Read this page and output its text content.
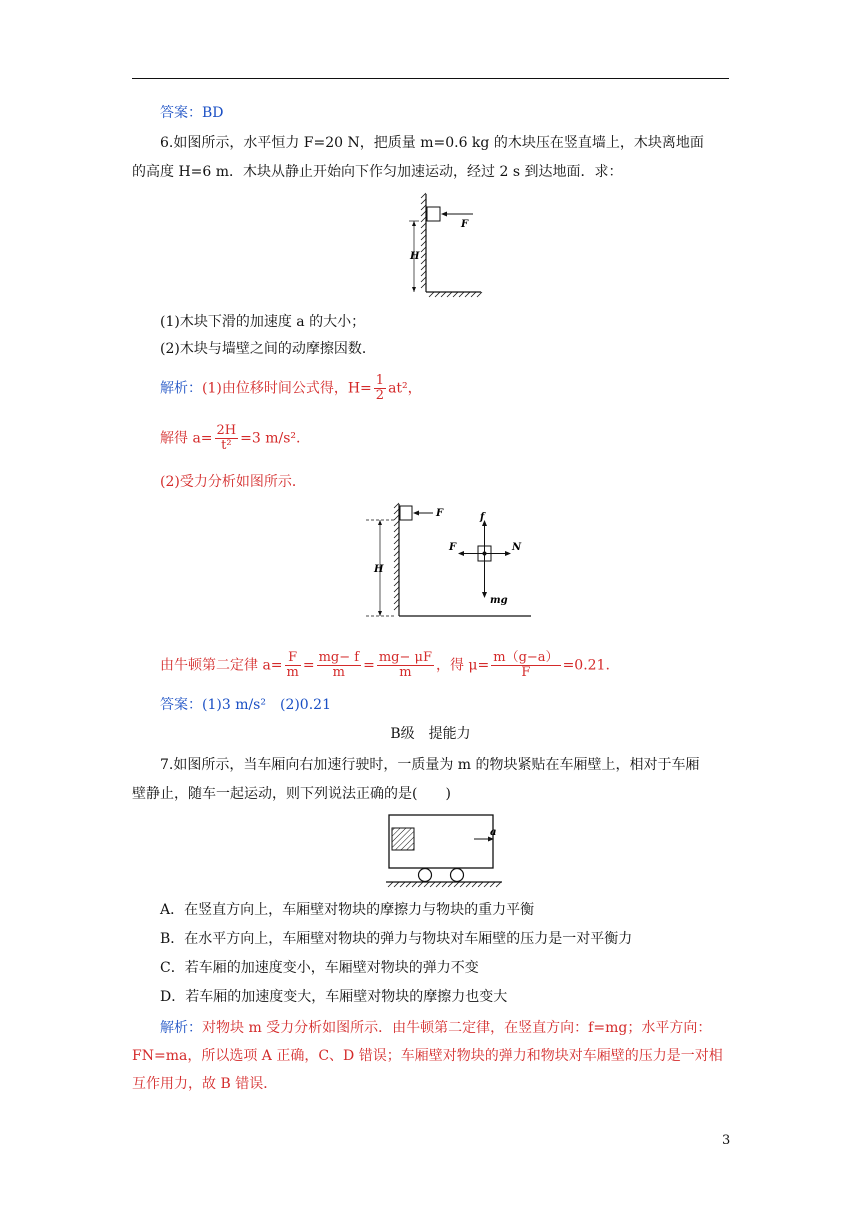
答案：BD
6.如图所示，水平恒力 F=20 N，把质量 m=0.6 kg 的木块压在竖直墙上，木块离地面
的高度 H=6 m．木块从静止开始向下作匀加速运动，经过 2 s 到达地面．求：
F
H
(1)木块下滑的加速度 a 的大小；
(2)木块与墙壁之间的动摩擦因数．
解析：(1)由位移时间公式得，$H= \frac{1}{2} at^2$，
解得 $a= \frac{2H}{\text{t²}} =3$ m/s².
(2)受力分析如图所示．
F
H
f
mg
F	N
由牛顿第二定律 $a= \frac{F}{m} = \frac{mg- f}{m} = \frac{mg- \mu F}{m}$ ，得 $\mu= \frac{m(g-a)}{F} =0.21$.
答案：(1)3 m/s²　(2)0.21
B级　提能力
7.如图所示，当车厢向右加速行驶时，一质量为 m 的物块紧贴在车厢壁上，相对于车厢
壁静止，随车一起运动，则下列说法正确的是(　　)
a
A．在竖直方向上，车厢壁对物块的摩擦力与物块的重力平衡
B．在水平方向上，车厢壁对物块的弹力与物块对车厢壁的压力是一对平衡力
C．若车厢的加速度变小，车厢壁对物块的弹力不变
D．若车厢的加速度变大，车厢壁对物块的摩擦力也变大
解析：对物块 m 受力分析如图所示．由牛顿第二定律，在竖直方向：f=mg；水平方向：
FN=ma，所以选项 A 正确，C、D 错误；车厢壁对物块的弹力和物块对车厢壁的压力是一对相
互作用力，故 B 错误．
3
